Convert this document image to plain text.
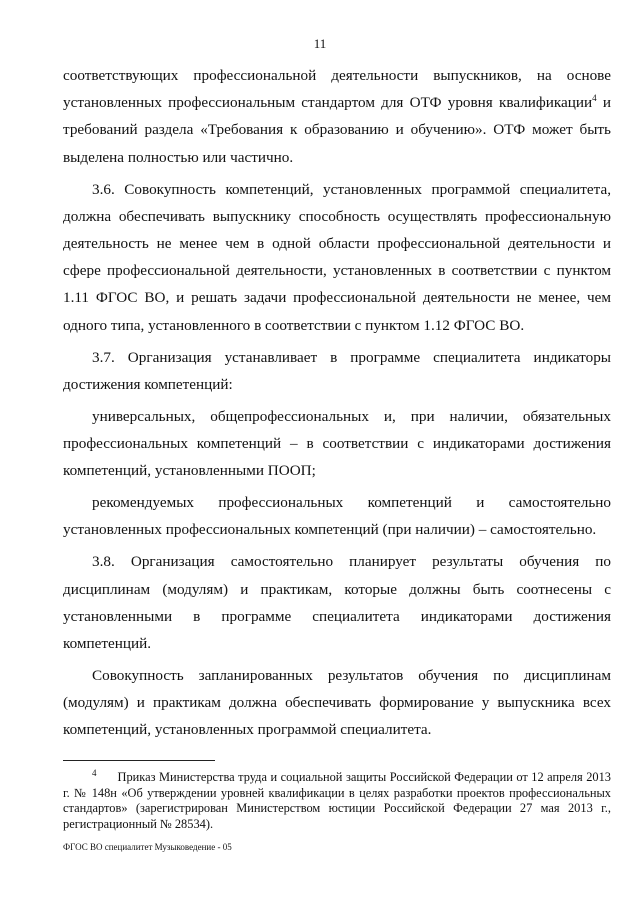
11

соответствующих профессиональной деятельности выпускников, на основе установленных профессиональным стандартом для ОТФ уровня квалификации$^4$ и требований раздела «Требования к образованию и обучению». ОТФ может быть выделена полностью или частично.

3.6. Совокупность компетенций, установленных программой специалитета, должна обеспечивать выпускнику способность осуществлять профессиональную деятельность не менее чем в одной области профессиональной деятельности и сфере профессиональной деятельности, установленных в соответствии с пунктом 1.11 ФГОС ВО, и решать задачи профессиональной деятельности не менее, чем одного типа, установленного в соответствии с пунктом 1.12 ФГОС ВО.

3.7. Организация устанавливает в программе специалитета индикаторы достижения компетенций:

универсальных, общепрофессиональных и, при наличии, обязательных профессиональных компетенций – в соответствии с индикаторами достижения компетенций, установленными ПООП;

рекомендуемых профессиональных компетенций и самостоятельно установленных профессиональных компетенций (при наличии) – самостоятельно.

3.8. Организация самостоятельно планирует результаты обучения по дисциплинам (модулям) и практикам, которые должны быть соотнесены с установленными в программе специалитета индикаторами достижения компетенций.

Совокупность запланированных результатов обучения по дисциплинам (модулям) и практикам должна обеспечивать формирование у выпускника всех компетенций, установленных программой специалитета.

$^4$ Приказ Министерства труда и социальной защиты Российской Федерации от 12 апреля 2013 г. № 148н «Об утверждении уровней квалификации в целях разработки проектов профессиональных стандартов» (зарегистрирован Министерством юстиции Российской Федерации 27 мая 2013 г., регистрационный № 28534).
ФГОС ВО специалитет Музыковедение - 05
